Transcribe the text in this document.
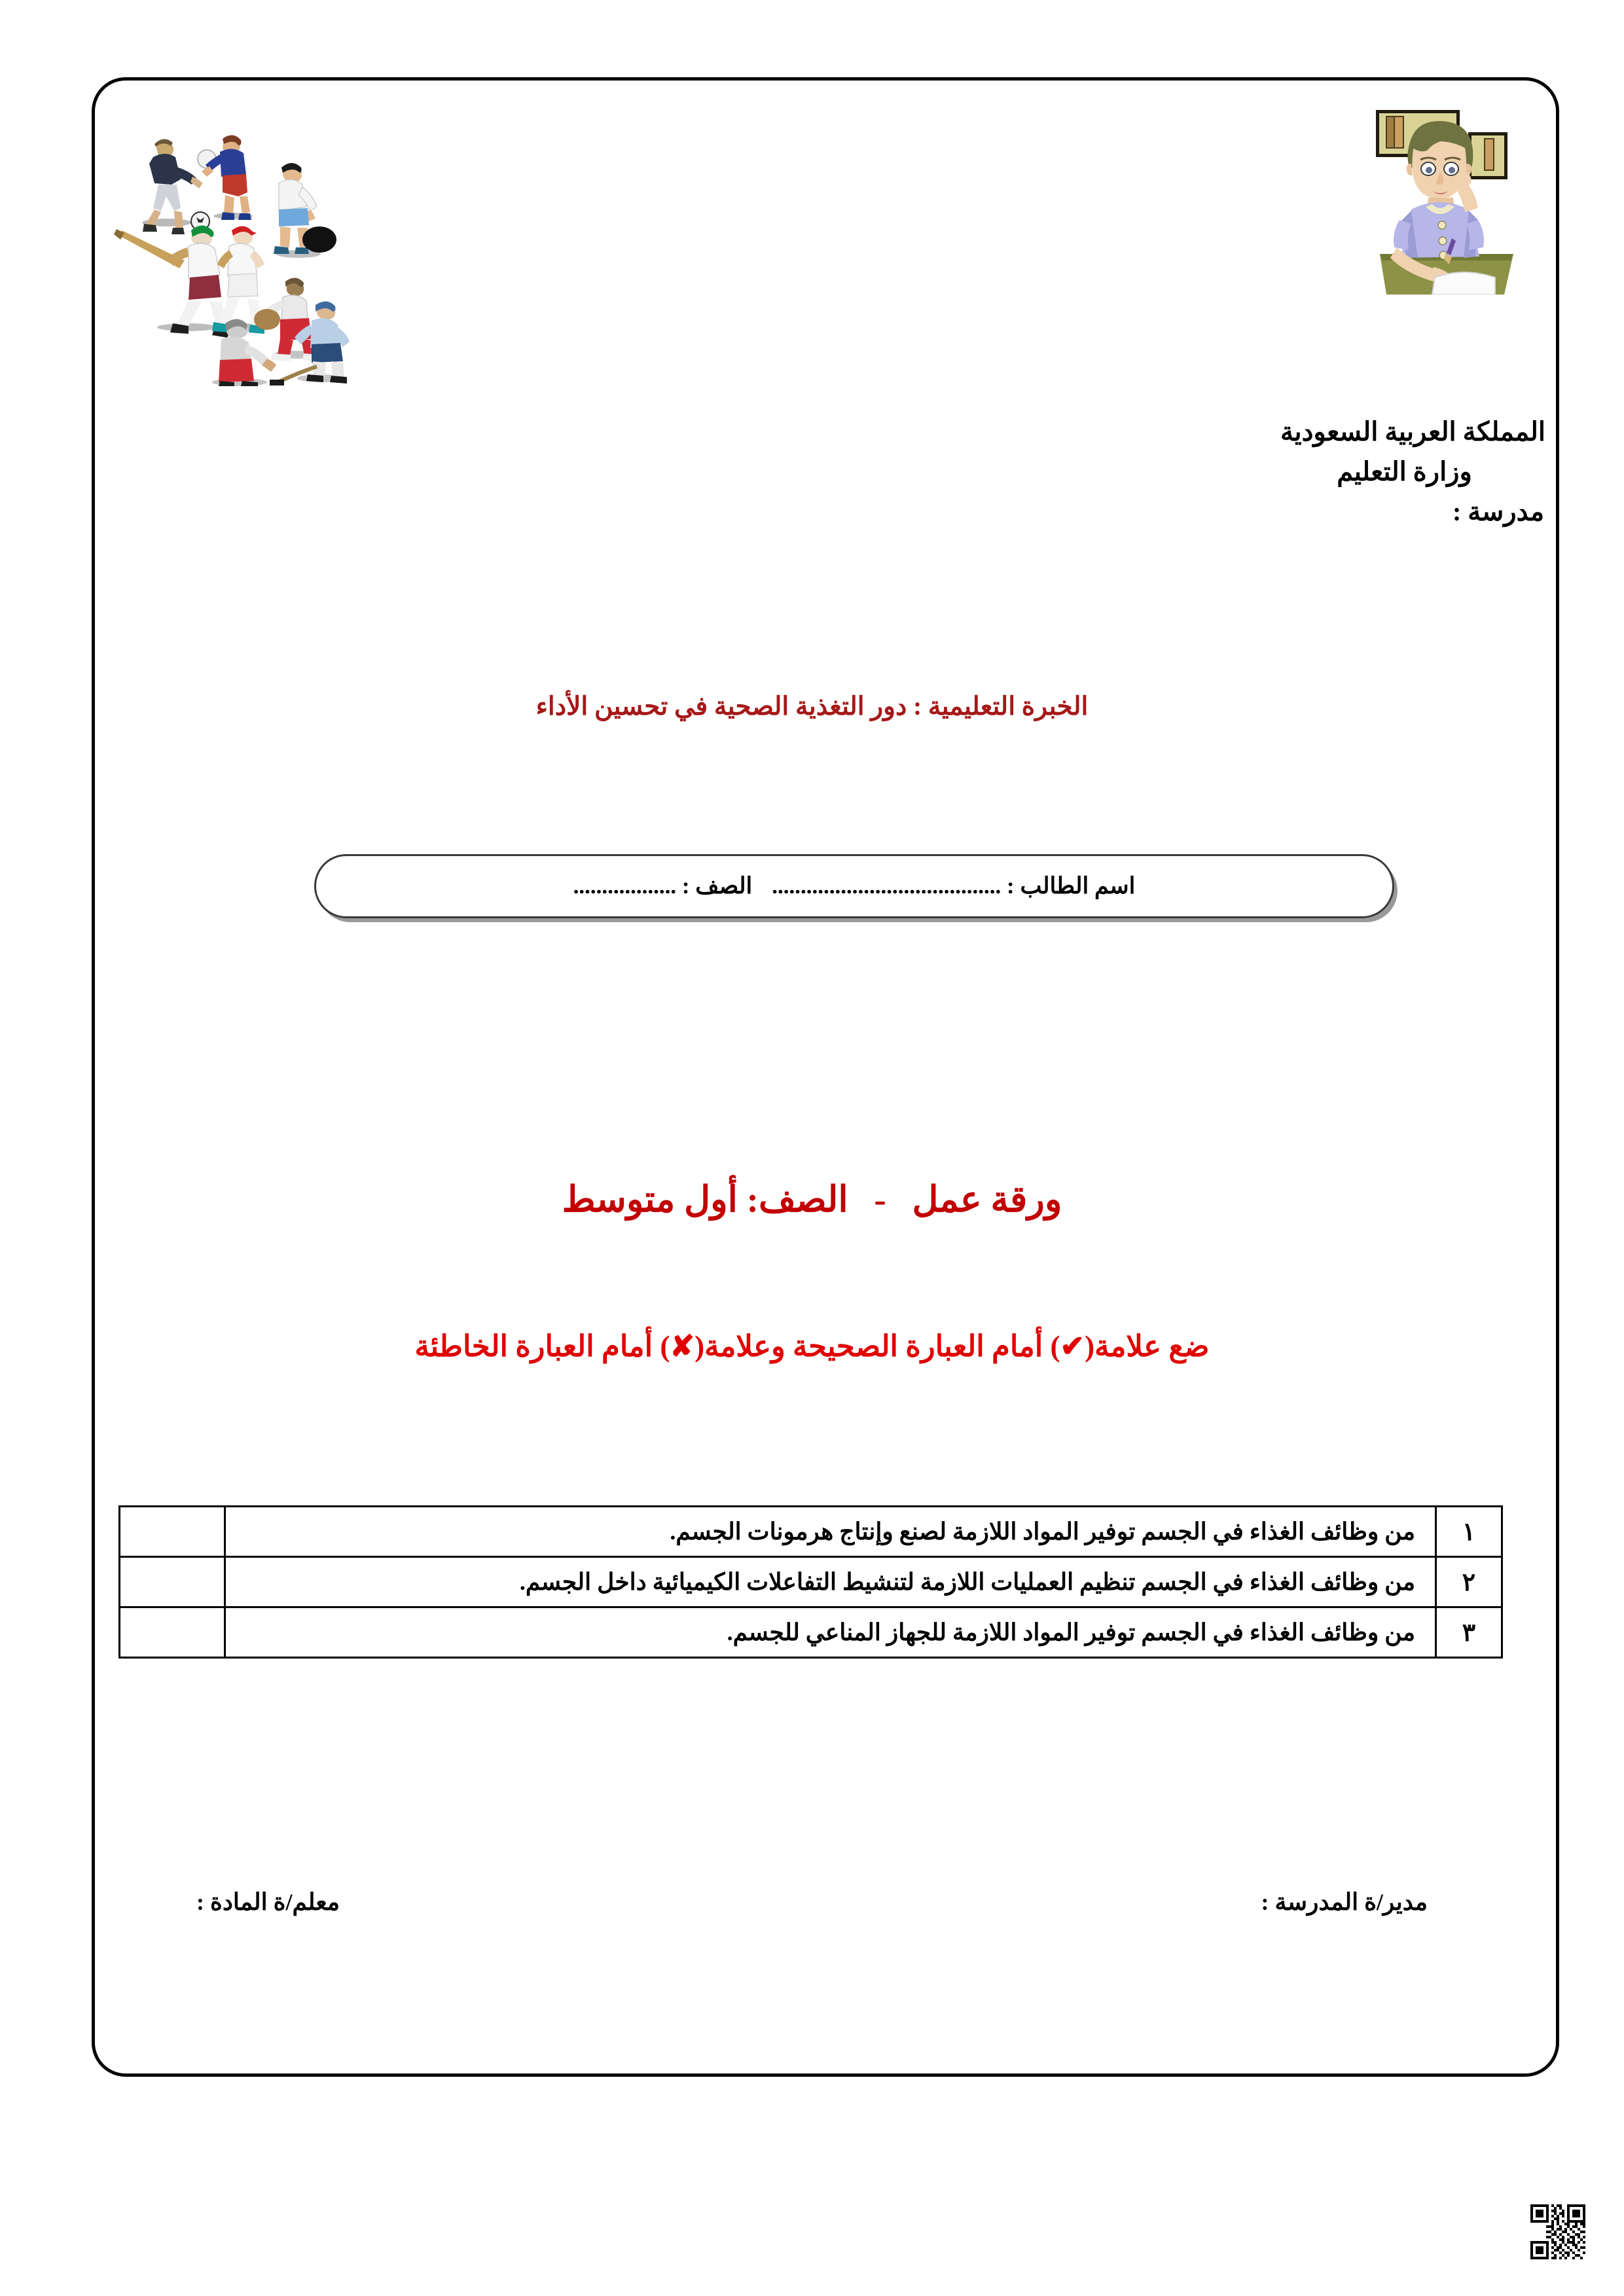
المملكة العربية السعودية
وزارة التعليم
مدرسة :
الخبرة التعليمية : دور التغذية الصحية في تحسين الأداء
اسم الطالب : ........................................
الصف : ..................
ورقة عمل - الصف: أول متوسط
ضع علامة(✔) أمام العبارة الصحيحة وعلامة(✘) أمام العبارة الخاطئة
١	من وظائف الغذاء في الجسم توفير المواد اللازمة لصنع وإنتاج هرمونات الجسم.	
٢	من وظائف الغذاء في الجسم تنظيم العمليات اللازمة لتنشيط التفاعلات الكيميائية داخل الجسم.	
٣	من وظائف الغذاء في الجسم توفير المواد اللازمة للجهاز المناعي للجسم.	
معلم/ة المادة :	مدير/ة المدرسة :
